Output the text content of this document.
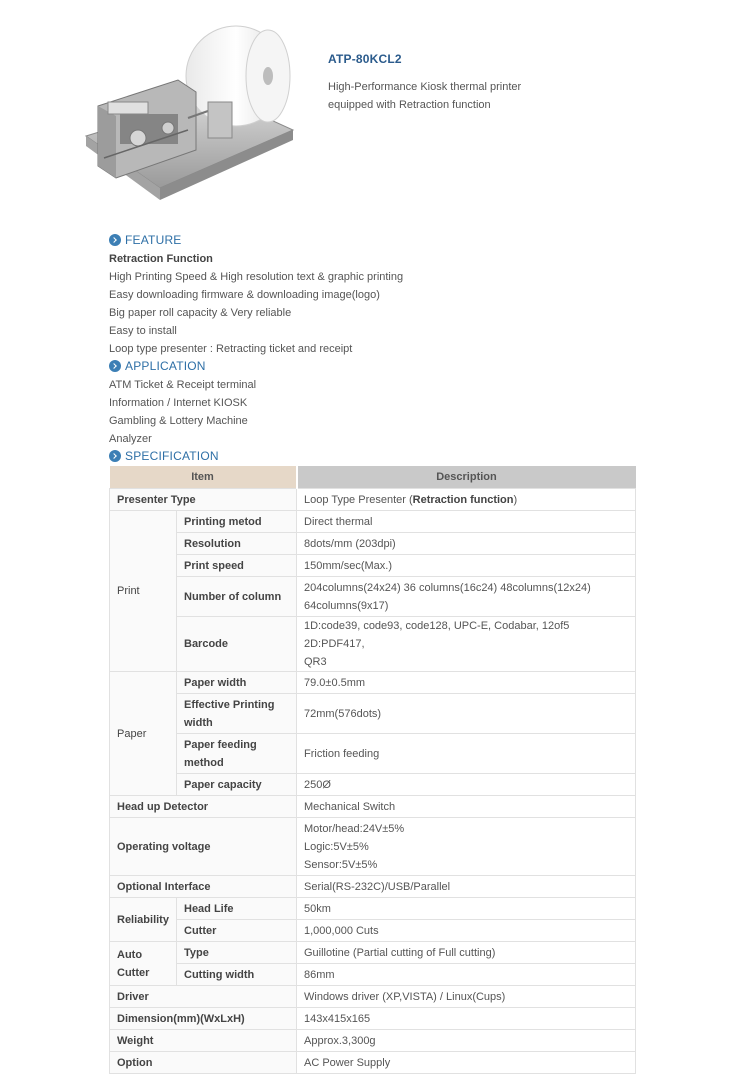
ATP-80KCL2
High-Performance Kiosk thermal printer
equipped with Retraction function
FEATURE
Retraction Function
High Printing Speed & High resolution text & graphic printing
Easy downloading firmware & downloading image(logo)
Big paper roll capacity & Very reliable
Easy to install
Loop type presenter : Retracting ticket and receipt
APPLICATION
ATM Ticket & Receipt terminal
Information / Internet KIOSK
Gambling & Lottery Machine
Analyzer
SPECIFICATION
Item		Description
Presenter Type		Loop Type Presenter (Retraction function)
Print	Printing metod	Direct thermal
	Resolution	8dots/mm (203dpi)
	Print speed	150mm/sec(Max.)
	Number of column	204columns(24x24) 36 columns(16c24) 48columns(12x24)
64columns(9x17)

	Barcode	1D:code39, code93, code128, UPC-E, Codabar, 12of5 2D:PDF417,
QR3

Paper	Paper width	79.0±0.5mm

	Effective Printing
width	72mm(576dots)

	Paper feeding
method	Friction feeding
	Paper capacity	250Ø
Head up Detector		Mechanical Switch
Operating voltage		Motor/head:24V±5%
Logic:5V±5%
Sensor:5V±5%

Optional Interface		Serial(RS-232C)/USB/Parallel
Reliability	Head Life	50km
	Cutter	1,000,000 Cuts

Auto
Cutter	Type	Guillotine (Partial cutting of Full cutting)
	Cutting width	86mm
Driver		Windows driver (XP,VISTA) / Linux(Cups)
Dimension(mm)(WxLxH)		143x415x165
Weight		Approx.3,300g
Option		AC Power Supply
